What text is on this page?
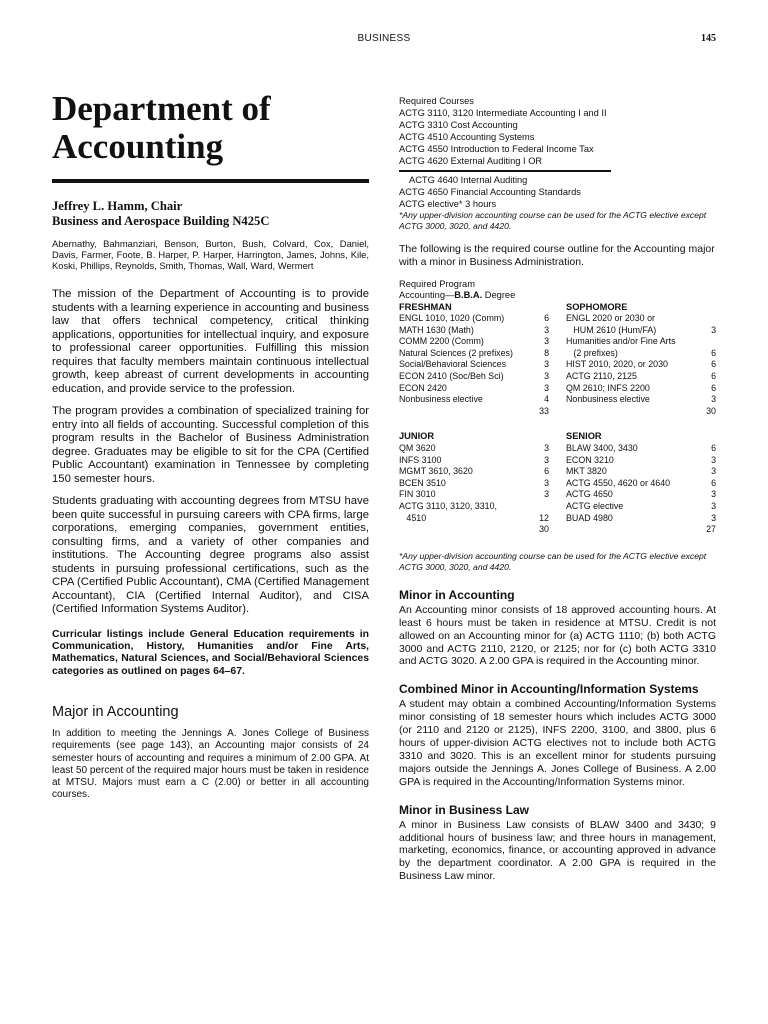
BUSINESS	145
Department of
Accounting
Jeffrey L. Hamm, Chair
Business and Aerospace Building N425C
Abernathy, Bahmanziari, Benson, Burton, Bush, Colvard, Cox, Daniel, Davis, Farmer, Foote, B. Harper, P. Harper, Harrington, James, Johns, Kile, Koski, Phillips, Reynolds, Smith, Thomas, Wall, Ward, Wermert

The mission of the Department of Accounting is to provide students with a learning experience in accounting and business law that offers technical competency, critical thinking applications, opportunities for intellectual inquiry, and exposure to professional career opportunities. Fulfilling this mission requires that faculty members maintain continuous intellectual growth, keep abreast of current developments in accounting education, and provide service to the profession.

The program provides a combination of specialized training for entry into all fields of accounting. Successful completion of this program results in the Bachelor of Business Administration degree. Graduates may be eligible to sit for the CPA (Certified Public Accountant) examination in Tennessee by completing 150 semester hours.

Students graduating with accounting degrees from MTSU have been quite successful in pursuing careers with CPA firms, large corporations, emerging companies, government entities, consulting firms, and a variety of other companies and institutions. The Accounting degree programs also assist students in pursuing professional certifications, such as the CPA (Certified Public Accountant), CMA (Certified Management Accountant), CIA (Certified Internal Auditor), and CISA (Certified Information Systems Auditor).

Curricular listings include General Education requirements in Communication, History, Humanities and/or Fine Arts, Mathematics, Natural Sciences, and Social/Behavioral Sciences categories as outlined on pages 64–67.

Major in Accounting

In addition to meeting the Jennings A. Jones College of Business requirements (see page 143), an Accounting major consists of 24 semester hours of accounting and requires a minimum of 2.00 GPA. At least 50 percent of the required major hours must be taken in residence at MTSU. Majors must earn a C (2.00) or better in all accounting courses.

Required Courses
ACTG 3110, 3120 Intermediate Accounting I and II
ACTG 3310 Cost Accounting
ACTG 4510 Accounting Systems
ACTG 4550 Introduction to Federal Income Tax
ACTG 4620 External Auditing I OR
ACTG 4640 Internal Auditing
ACTG 4650 Financial Accounting Standards
ACTG elective* 3 hours
*Any upper-division accounting course can be used for the ACTG elective except ACTG 3000, 3020, and 4420.

The following is the required course outline for the Accounting major with a minor in Business Administration.

Required Program
Accounting—B.B.A. Degree
FRESHMAN
ENGL 1010, 1020 (Comm)	6
MATH 1630 (Math)	3
COMM 2200 (Comm)	3
Natural Sciences (2 prefixes)	8
Social/Behavioral Sciences	3
ECON 2410 (Soc/Beh Sci)	3
ECON 2420	3
Nonbusiness elective	4
33
SOPHOMORE
ENGL 2020 or 2030 or
HUM 2610 (Hum/FA)	3
Humanities and/or Fine Arts
(2 prefixes)	6
HIST 2010, 2020, or 2030	6
ACTG 2110, 2125	6
QM 2610; INFS 2200	6
Nonbusiness elective	3
30
JUNIOR
QM 3620	3
INFS 3100	3
MGMT 3610, 3620	6
BCEN 3510	3
FIN 3010	3
ACTG 3110, 3120, 3310,
4510	12
30
SENIOR
BLAW 3400, 3430	6
ECON 3210	3
MKT 3820	3
ACTG 4550, 4620 or 4640	6
ACTG 4650	3
ACTG elective	3
BUAD 4980	3
27
*Any upper-division accounting course can be used for the ACTG elective except ACTG 3000, 3020, and 4420.
Minor in Accounting

An Accounting minor consists of 18 approved accounting hours. At least 6 hours must be taken in residence at MTSU. Credit is not allowed on an Accounting minor for (a) ACTG 1110; (b) both ACTG 3000 and ACTG 2110, 2120, or 2125; nor for (c) both ACTG 3310 and ACTG 3020. A 2.00 GPA is required in the Accounting minor.

Combined Minor in Accounting/Information Systems

A student may obtain a combined Accounting/Information Systems minor consisting of 18 semester hours which includes ACTG 3000 (or 2110 and 2120 or 2125), INFS 2200, 3100, and 3800, plus 6 hours of upper-division ACTG electives not to include both ACTG 3310 and 3020. This is an excellent minor for students pursuing majors outside the Jennings A. Jones College of Business. A 2.00 GPA is required in the Accounting/Information Systems minor.

Minor in Business Law

A minor in Business Law consists of BLAW 3400 and 3430; 9 additional hours of business law; and three hours in management, marketing, economics, finance, or accounting approved in advance by the department coordinator. A 2.00 GPA is required in the Business Law minor.
